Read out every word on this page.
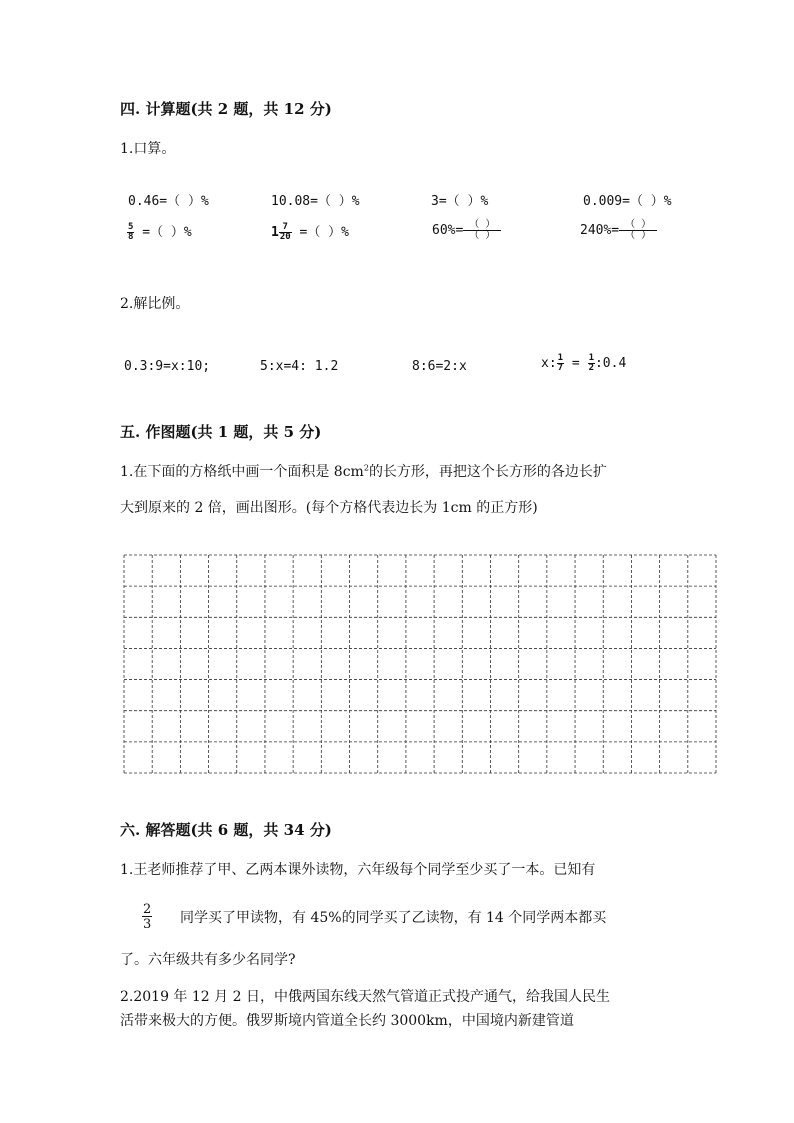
四. 计算题(共 2 题，共 12 分)
1.口算。
0.46=（ ）%	10.08=（ ）%	3=（ ）%	0.009=（ ）%
$\frac{5}{8}$ =（ ）%	$1 \frac{7}{20}$ =（ ）%	$60\%= \frac{( )}{( )}$	$240\%= \frac{( )}{( )}$
2.解比例。
0.3:9=x:10;	5:x=4: 1.2	8:6=2:x	x: $\frac{1}{7} = \frac{1}{2}$ :0.4
五. 作图题(共 1 题，共 5 分)
1.在下面的方格纸中画一个面积是 $8cm^2$的长方形，再把这个长方形的各边长扩
大到原来的 2 倍，画出图形。(每个方格代表边长为 1cm 的正方形)
六. 解答题(共 6 题，共 34 分)
1.王老师推荐了甲、乙两本课外读物，六年级每个同学至少买了一本。已知有
$\frac{2}{3}$ 同学买了甲读物，有 45%的同学买了乙读物，有 14 个同学两本都买
了。六年级共有多少名同学?
2.2019 年 12 月 2 日，中俄两国东线天然气管道正式投产通气，给我国人民生
活带来极大的方便。俄罗斯境内管道全长约 3000km，中国境内新建管道
